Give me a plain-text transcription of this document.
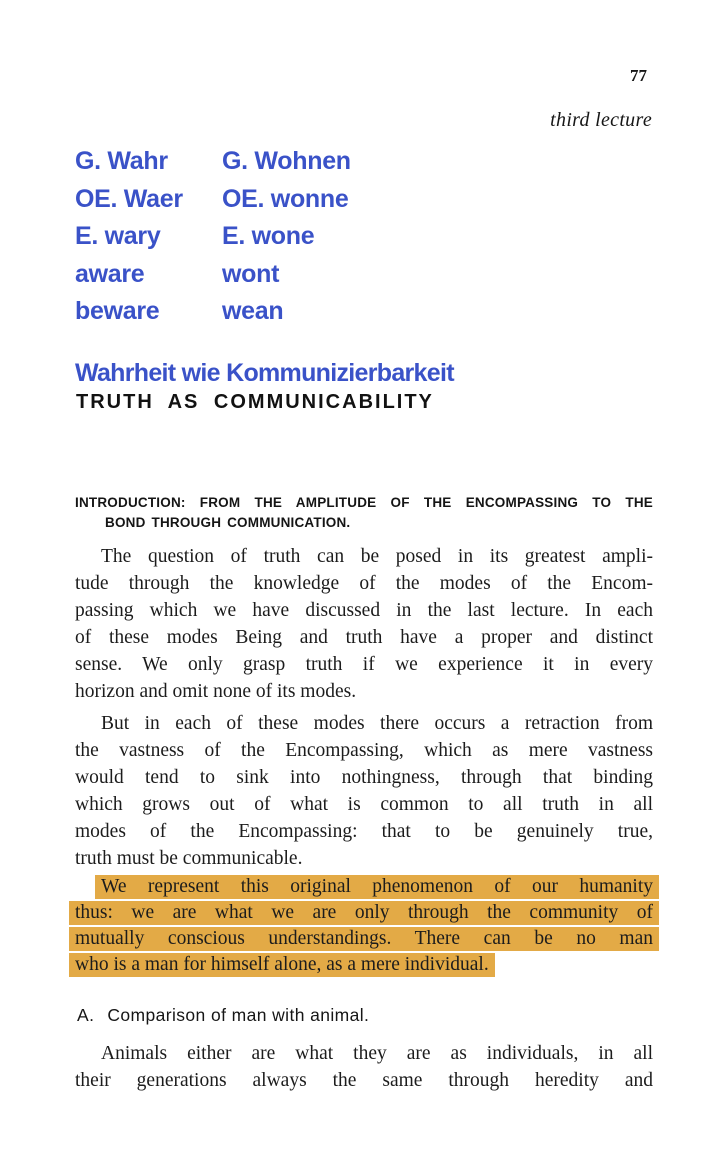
77
third lecture
G. Wahr
OE. Waer
E. wary
aware
beware
G. Wohnen
OE. wonne
E. wone
wont
wean
Wahrheit wie Kommunizierbarkeit
TRUTH AS COMMUNICABILITY
INTRODUCTION: FROM THE AMPLITUDE OF THE ENCOMPASSING TO THE
BOND THROUGH COMMUNICATION.
The question of truth can be posed in its greatest ampli-
tude through the knowledge of the modes of the Encom-
passing which we have discussed in the last lecture. In each
of these modes Being and truth have a proper and distinct
sense. We only grasp truth if we experience it in every
horizon and omit none of its modes.
But in each of these modes there occurs a retraction from
the vastness of the Encompassing, which as mere vastness
would tend to sink into nothingness, through that binding
which grows out of what is common to all truth in all
modes of the Encompassing: that to be genuinely true,
truth must be communicable.
We represent this original phenomenon of our humanity
thus: we are what we are only through the community of
mutually conscious understandings. There can be no man
who is a man for himself alone, as a mere individual.
A. Comparison of man with animal.
Animals either are what they are as individuals, in all
their generations always the same through heredity and
